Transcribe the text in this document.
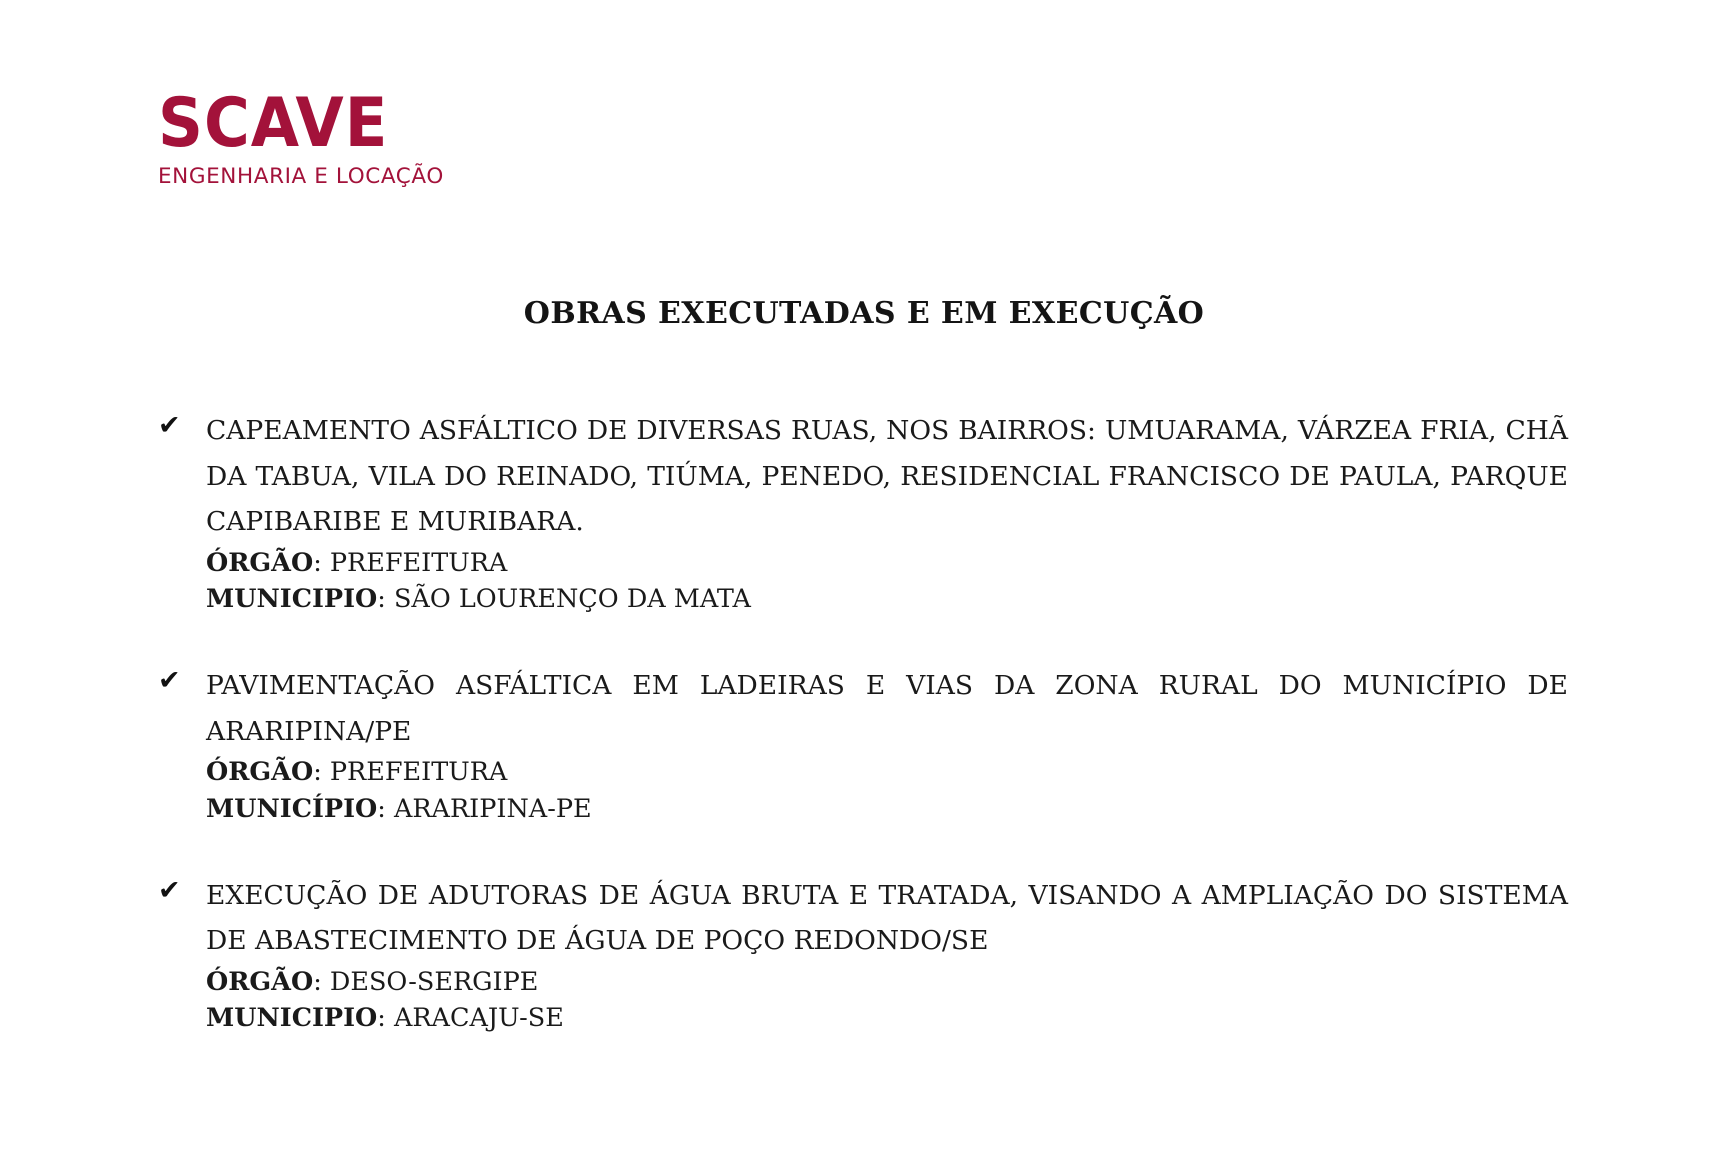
SCAVE
ENGENHARIA E LOCAÇÃO
OBRAS EXECUTADAS E EM EXECUÇÃO
✔ CAPEAMENTO ASFÁLTICO DE DIVERSAS RUAS, NOS BAIRROS: UMUARAMA, VÁRZEA FRIA, CHÃ DA TABUA, VILA DO REINADO, TIÚMA, PENEDO, RESIDENCIAL FRANCISCO DE PAULA, PARQUE CAPIBARIBE E MURIBARA.
ÓRGÃO: PREFEITURA
MUNICIPIO: SÃO LOURENÇO DA MATA
✔ PAVIMENTAÇÃO ASFÁLTICA EM LADEIRAS E VIAS DA ZONA RURAL DO MUNICÍPIO DE ARARIPINA/PE
ÓRGÃO: PREFEITURA
MUNICÍPIO: ARARIPINA-PE
✔ EXECUÇÃO DE ADUTORAS DE ÁGUA BRUTA E TRATADA, VISANDO A AMPLIAÇÃO DO SISTEMA DE ABASTECIMENTO DE ÁGUA DE POÇO REDONDO/SE
ÓRGÃO: DESO-SERGIPE
MUNICIPIO: ARACAJU-SE
